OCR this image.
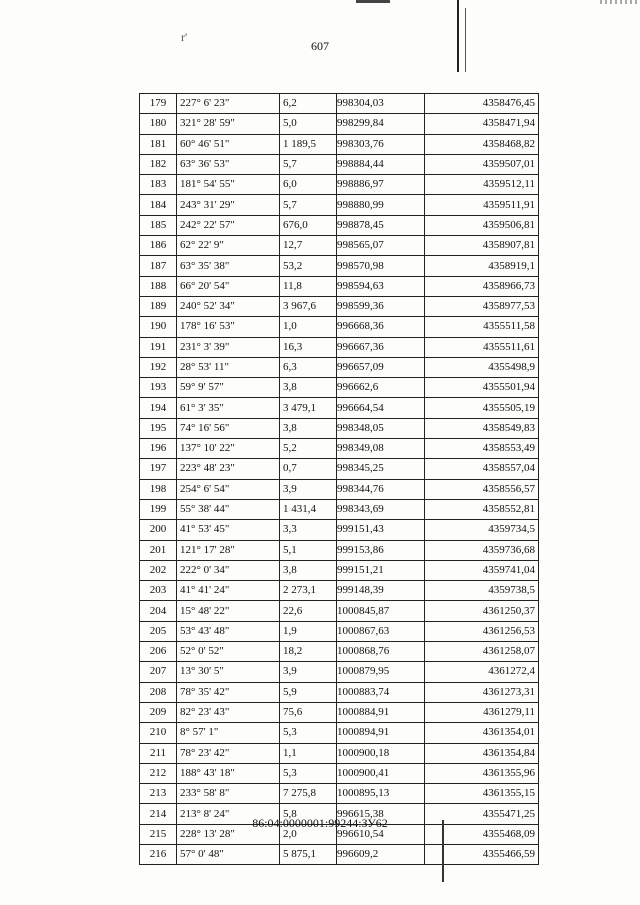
r'
607
179	227° 6' 23"	6,2	998304,03	4358476,45
180	321° 28' 59"	5,0	998299,84	4358471,94
181	60° 46' 51"	1 189,5	998303,76	4358468,82
182	63° 36' 53"	5,7	998884,44	4359507,01
183	181° 54' 55"	6,0	998886,97	4359512,11
184	243° 31' 29"	5,7	998880,99	4359511,91
185	242° 22' 57"	676,0	998878,45	4359506,81
186	62° 22' 9"	12,7	998565,07	4358907,81
187	63° 35' 38"	53,2	998570,98	4358919,1
188	66° 20' 54"	11,8	998594,63	4358966,73
189	240° 52' 34"	3 967,6	998599,36	4358977,53
190	178° 16' 53"	1,0	996668,36	4355511,58
191	231° 3' 39"	16,3	996667,36	4355511,61
192	28° 53' 11"	6,3	996657,09	4355498,9
193	59° 9' 57"	3,8	996662,6	4355501,94
194	61° 3' 35"	3 479,1	996664,54	4355505,19
195	74° 16' 56"	3,8	998348,05	4358549,83
196	137° 10' 22"	5,2	998349,08	4358553,49
197	223° 48' 23"	0,7	998345,25	4358557,04
198	254° 6' 54"	3,9	998344,76	4358556,57
199	55° 38' 44"	1 431,4	998343,69	4358552,81
200	41° 53' 45"	3,3	999151,43	4359734,5
201	121° 17' 28"	5,1	999153,86	4359736,68
202	222° 0' 34"	3,8	999151,21	4359741,04
203	41° 41' 24"	2 273,1	999148,39	4359738,5
204	15° 48' 22"	22,6	1000845,87	4361250,37
205	53° 43' 48"	1,9	1000867,63	4361256,53
206	52° 0' 52"	18,2	1000868,76	4361258,07
207	13° 30' 5"	3,9	1000879,95	4361272,4
208	78° 35' 42"	5,9	1000883,74	4361273,31
209	82° 23' 43"	75,6	1000884,91	4361279,11
210	8° 57' 1"	5,3	1000894,91	4361354,01
211	78° 23' 42"	1,1	1000900,18	4361354,84
212	188° 43' 18"	5,3	1000900,41	4361355,96
213	233° 58' 8"	7 275,8	1000895,13	4361355,15
214	213° 8' 24"	5,8	996615,38	4355471,25
215	228° 13' 28"	2,0	996610,54	4355468,09
216	57° 0' 48"	5 875,1	996609,2	4355466,59
86:04:0000001:99244:ЗУ62
